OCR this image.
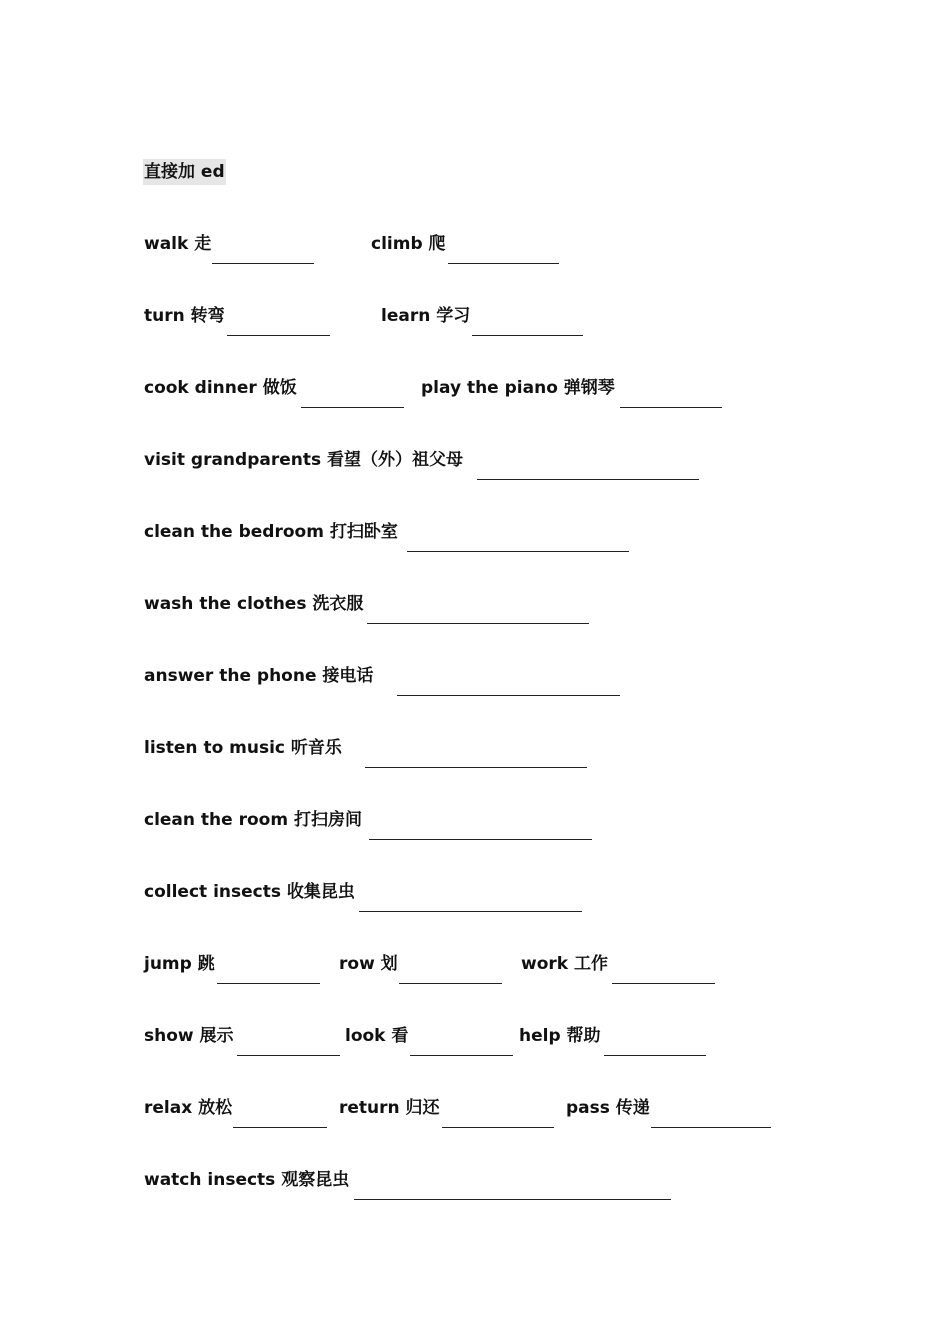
直接加 ed
walk 走	climb 爬
turn 转弯	learn 学习
cook dinner 做饭	play the piano 弹钢琴
visit grandparents 看望（外）祖父母
clean the bedroom 打扫卧室
wash the clothes 洗衣服
answer the phone 接电话
listen to music 听音乐
clean the room 打扫房间
collect insects 收集昆虫
jump 跳	row 划	work 工作
show 展示	look 看	help 帮助
relax 放松	return 归还	pass 传递
watch insects 观察昆虫
